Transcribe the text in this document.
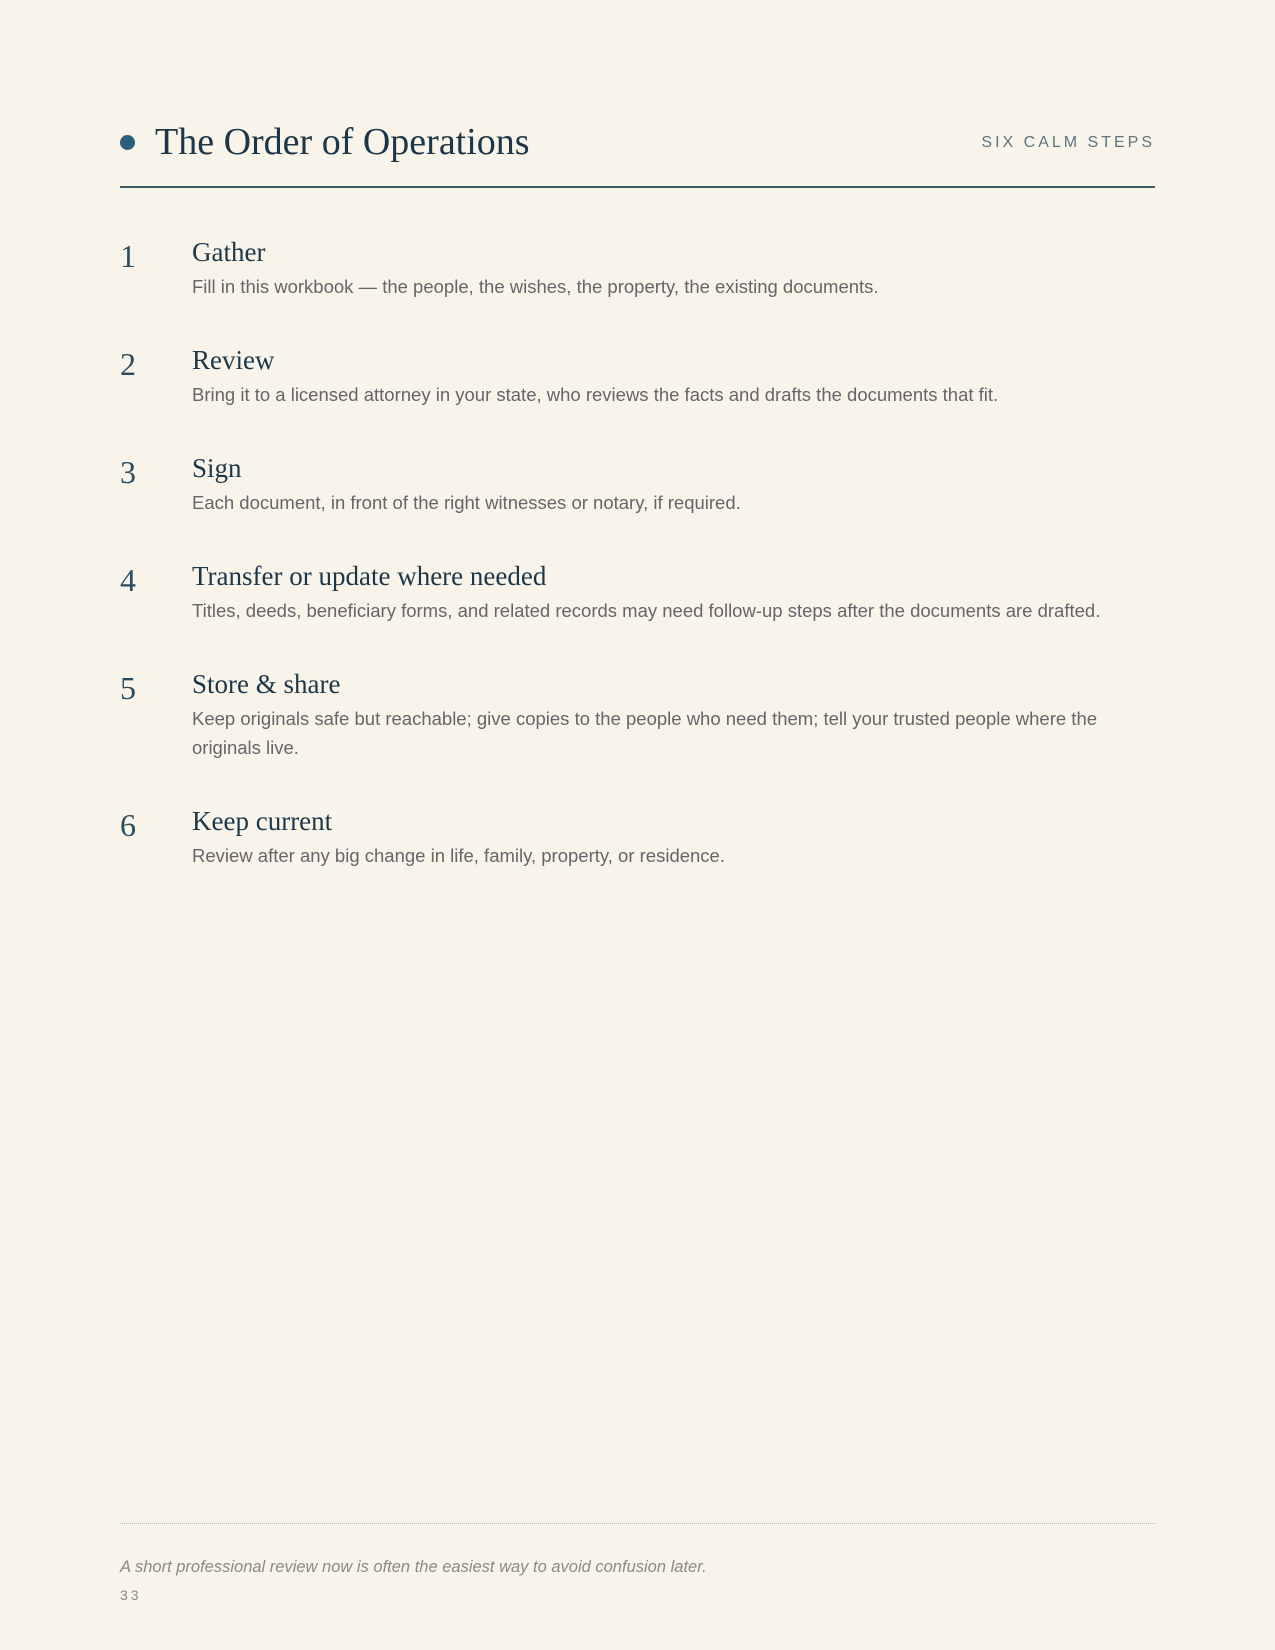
The Order of Operations	SIX CALM STEPS
1	Gather

Fill in this workbook — the people, the wishes, the property, the existing documents.

2	Review

Bring it to a licensed attorney in your state, who reviews the facts and drafts the documents that fit.

3	Sign

Each document, in front of the right witnesses or notary, if required.

4	Transfer or update where needed

Titles, deeds, beneficiary forms, and related records may need follow-up steps after the documents are drafted.

5	Store & share

Keep originals safe but reachable; give copies to the people who need them; tell your trusted people where the originals live.

6	Keep current

Review after any big change in life, family, property, or residence.

A short professional review now is often the easiest way to avoid confusion later.

33
